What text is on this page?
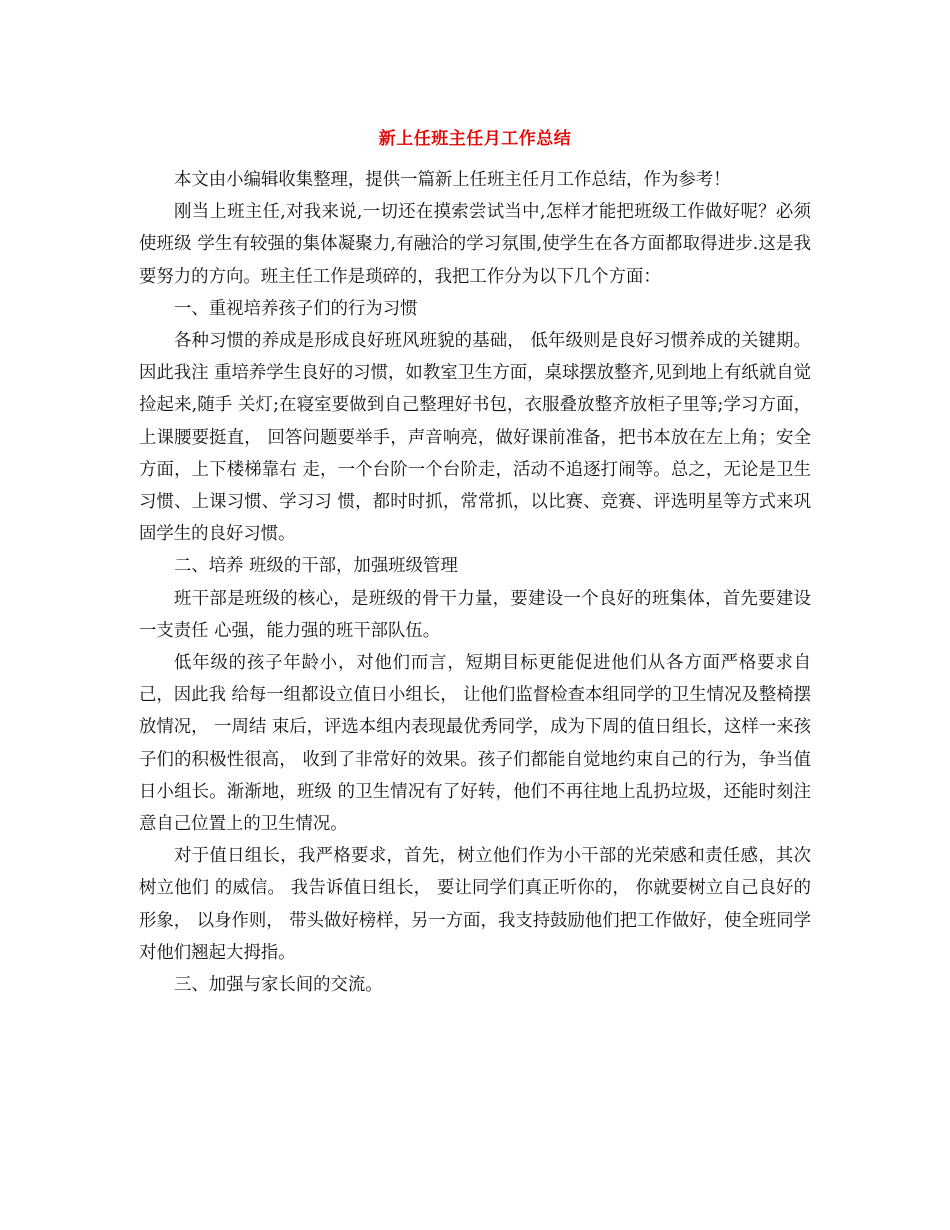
新上任班主任月工作总结

本文由小编辑收集整理，提供一篇新上任班主任月工作总结，作为参考！

刚当上班主任,对我来说,一切还在摸索尝试当中,怎样才能把班级工作做好呢？必须使班级 学生有较强的集体凝聚力,有融洽的学习氛围,使学生在各方面都取得进步.这是我要努力的方向。班主任工作是琐碎的，我把工作分为以下几个方面：

一、重视培养孩子们的行为习惯

各种习惯的养成是形成良好班风班貌的基础， 低年级则是良好习惯养成的关键期。 因此我注 重培养学生良好的习惯，如教室卫生方面，桌球摆放整齐,见到地上有纸就自觉捡起来,随手 关灯;在寝室要做到自己整理好书包，衣服叠放整齐放柜子里等;学习方面，上课腰要挺直， 回答问题要举手，声音响亮，做好课前准备，把书本放在左上角；安全方面，上下楼梯靠右 走，一个台阶一个台阶走，活动不追逐打闹等。总之，无论是卫生习惯、上课习惯、学习习 惯，都时时抓，常常抓，以比赛、竞赛、评选明星等方式来巩固学生的良好习惯。

二、培养 班级的干部，加强班级管理

班干部是班级的核心，是班级的骨干力量，要建设一个良好的班集体，首先要建设一支责任 心强，能力强的班干部队伍。

低年级的孩子年龄小，对他们而言，短期目标更能促进他们从各方面严格要求自己，因此我 给每一组都设立值日小组长， 让他们监督检查本组同学的卫生情况及整椅摆放情况， 一周结 束后，评选本组内表现最优秀同学，成为下周的值日组长，这样一来孩子们的积极性很高， 收到了非常好的效果。孩子们都能自觉地约束自己的行为，争当值日小组长。渐渐地，班级 的卫生情况有了好转，他们不再往地上乱扔垃圾，还能时刻注意自己位置上的卫生情况。

对于值日组长，我严格要求，首先，树立他们作为小干部的光荣感和责任感，其次树立他们 的威信。 我告诉值日组长， 要让同学们真正听你的， 你就要树立自己良好的形象， 以身作则， 带头做好榜样，另一方面，我支持鼓励他们把工作做好，使全班同学对他们翘起大拇指。

三、加强与家长间的交流。
